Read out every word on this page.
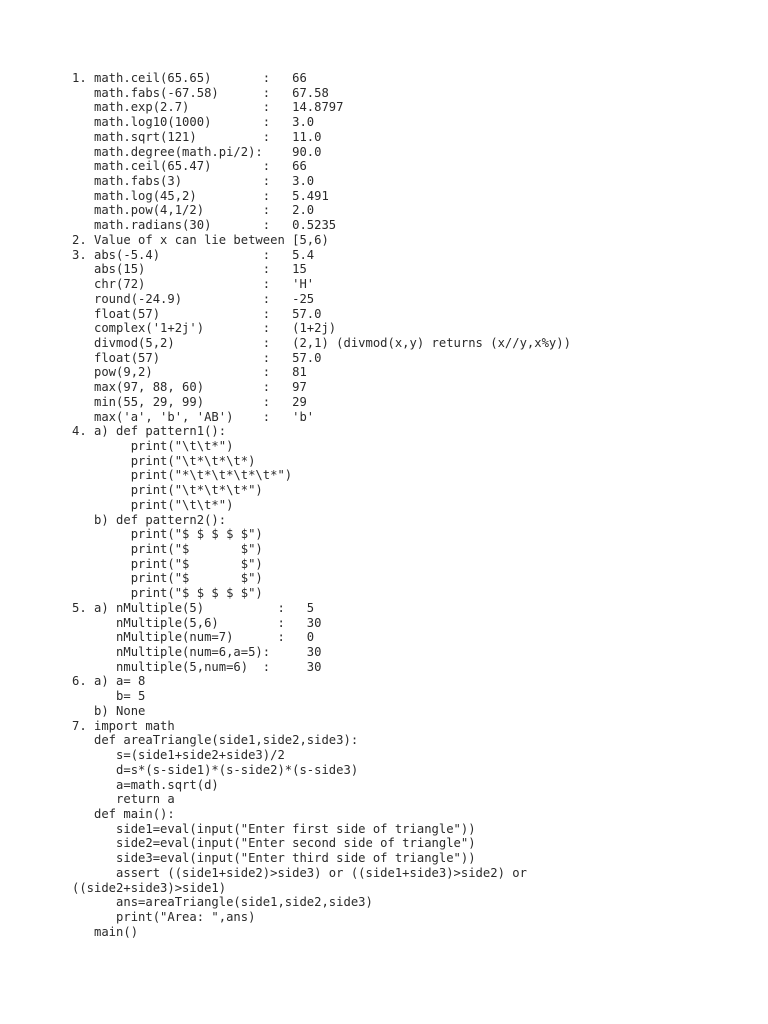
1. math.ceil(65.65)       :   66
math.fabs(-67.58)      :   67.58
math.exp(2.7)          :   14.8797
math.log10(1000)       :   3.0
math.sqrt(121)         :   11.0
math.degree(math.pi/2):    90.0
math.ceil(65.47)       :   66
math.fabs(3)           :   3.0
math.log(45,2)         :   5.491
math.pow(4,1/2)        :   2.0
math.radians(30)       :   0.5235
2. Value of x can lie between [5,6)
3. abs(-5.4)              :   5.4
abs(15)                :   15
chr(72)                :   'H'
round(-24.9)           :   -25
float(57)              :   57.0
complex('1+2j')        :   (1+2j)
divmod(5,2)            :   (2,1) (divmod(x,y) returns (x//y,x%y))
float(57)              :   57.0
pow(9,2)               :   81
max(97, 88, 60)        :   97
min(55, 29, 99)        :   29
max('a', 'b', 'AB')    :   'b'
4. a) def pattern1():
print("\t\t*")
print("\t*\t*\t*)
print("*\t*\t*\t*\t*")
print("\t*\t*\t*")
print("\t\t*")
b) def pattern2():
print("$ $ $ $ $")
print("$       $")
print("$       $")
print("$       $")
print("$ $ $ $ $")
5. a) nMultiple(5)          :   5
nMultiple(5,6)        :   30
nMultiple(num=7)      :   0
nMultiple(num=6,a=5):     30
nmultiple(5,num=6)  :     30
6. a) a= 8
b= 5
b) None
7. import math
def areaTriangle(side1,side2,side3):
s=(side1+side2+side3)/2
d=s*(s-side1)*(s-side2)*(s-side3)
a=math.sqrt(d)
return a
def main():
side1=eval(input("Enter first side of triangle"))
side2=eval(input("Enter second side of triangle")
side3=eval(input("Enter third side of triangle"))
assert ((side1+side2)>side3) or ((side1+side3)>side2) or
((side2+side3)>side1)
ans=areaTriangle(side1,side2,side3)
print("Area: ",ans)
main()
